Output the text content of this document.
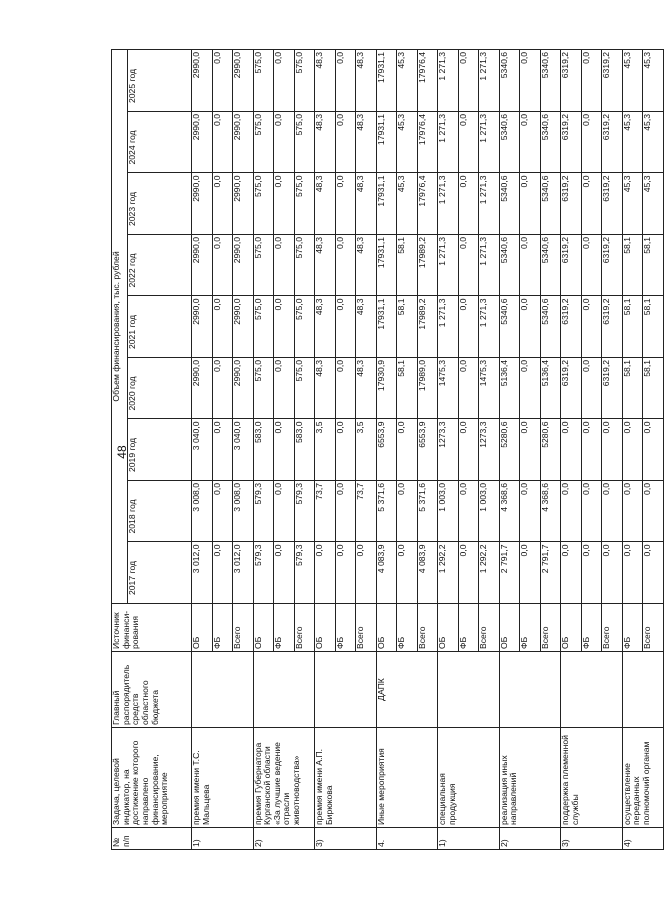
48
№ п/п	Задача, целевой индикатор, на достижение которого направлено финансирование, мероприятие	Главный распорядитель средств областного бюджета	Источник финанси-рования	Объем финансирования, тыс. рублей								
				2017 год	2018 год	2019 год	2020 год	2021 год	2022 год	2023 год	2024 год	2025 год
1)	премия имени Т.С. Мальцева		ОБ	3 012,0	3 008,0	3 040,0	2990,0	2990,0	2990,0	2990,0	2990,0	2990,0
			ФБ	0,0	0,0	0,0	0,0	0,0	0,0	0,0	0,0	0,0
			Всего	3 012,0	3 008,0	3 040,0	2990,0	2990,0	2990,0	2990,0	2990,0	2990,0
2)	премия Губернатора Курганской области «За лучшие ведение отрасли животноводства»		ОБ	579,3	579,3	583,0	575,0	575,0	575,0	575,0	575,0	575,0
			ФБ	0,0	0,0	0,0	0,0	0,0	0,0	0,0	0,0	0,0
			Всего	579,3	579,3	583,0	575,0	575,0	575,0	575,0	575,0	575,0
3)	премия имени А.П. Бирюкова		ОБ	0,0	73,7	3,5	48,3	48,3	48,3	48,3	48,3	48,3
			ФБ	0,0	0,0	0,0	0,0	0,0	0,0	0,0	0,0	0,0
			Всего	0,0	73,7	3,5	48,3	48,3	48,3	48,3	48,3	48,3
4.	Иные мероприятия	ДАПК	ОБ	4 083,9	5 371,6	6553,9	17930,9	17931,1	17931,1	17931,1	17931,1	17931,1
			ФБ	0,0	0,0	0,0	58,1	58,1	58,1	45,3	45,3	45,3
			Всего	4 083,9	5 371,6	6553,9	17989,0	17989,2	17989,2	17976,4	17976,4	17976,4
1)	специальная продукция		ОБ	1 292,2	1 003,0	1273,3	1475,3	1 271,3	1 271,3	1 271,3	1 271,3	1 271,3
			ФБ	0,0	0,0	0,0	0,0	0,0	0,0	0,0	0,0	0,0
			Всего	1 292,2	1 003,0	1273,3	1475,3	1 271,3	1 271,3	1 271,3	1 271,3	1 271,3
2)	реализация иных направлений		ОБ	2 791,7	4 368,6	5280,6	5136,4	5340,6	5340,6	5340,6	5340,6	5340,6
			ФБ	0,0	0,0	0,0	0,0	0,0	0,0	0,0	0,0	0,0
			Всего	2 791,7	4 368,6	5280,6	5136,4	5340,6	5340,6	5340,6	5340,6	5340,6
3)	поддержка племенной службы		ОБ	0,0	0,0	0,0	6319,2	6319,2	6319,2	6319,2	6319,2	6319,2
			ФБ	0,0	0,0	0,0	0,0	0,0	0,0	0,0	0,0	0,0
			Всего	0,0	0,0	0,0	6319,2	6319,2	6319,2	6319,2	6319,2	6319,2
4)	осуществление переданных полномочий органам		ФБ	0,0	0,0	0,0	58,1	58,1	58,1	45,3	45,3	45,3
			Всего	0,0	0,0	0,0	58,1	58,1	58,1	45,3	45,3	45,3
